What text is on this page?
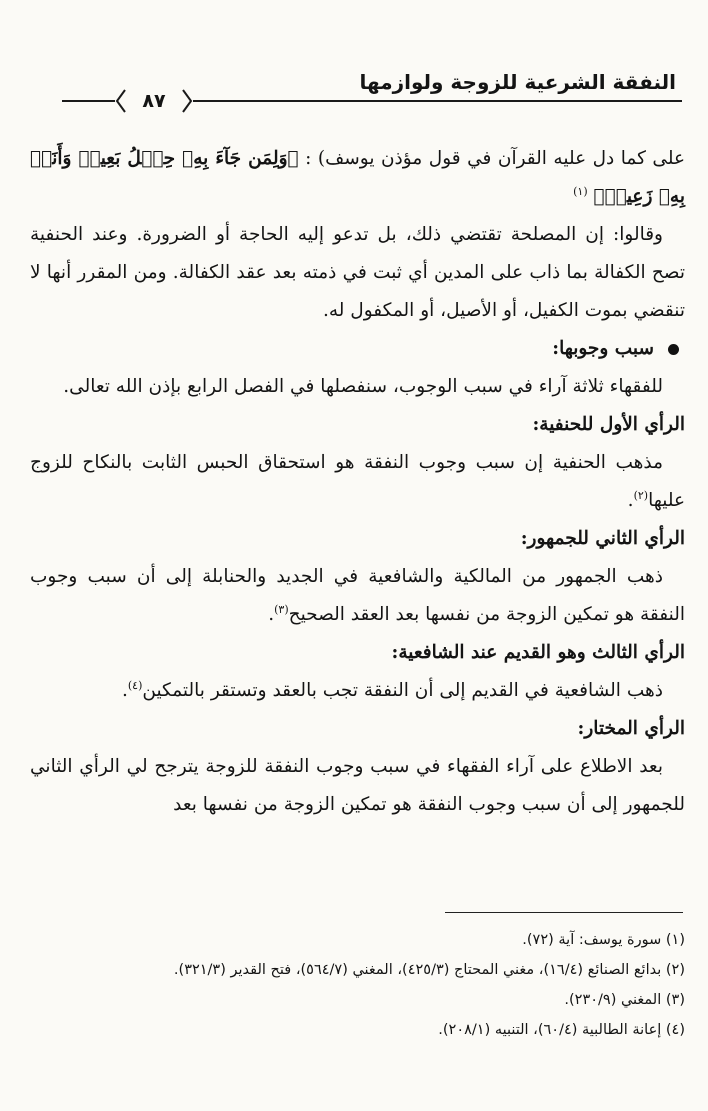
النفقة الشرعية للزوجة ولوازمها
٨٧

على كما دل عليه القرآن في قول مؤذن يوسف) : ﴿وَلِمَن جَآءَ بِهِۦ حِمۡلُ بَعِيرٖ وَأَنَا۠ بِهِۦ زَعِيمٞ﴾ $^{(١)}$

وقالوا: إن المصلحة تقتضي ذلك، بل تدعو إليه الحاجة أو الضرورة. وعند الحنفية تصح الكفالة بما ذاب على المدين أي ثبت في ذمته بعد عقد الكفالة. ومن المقرر أنها لا تنقضي بموت الكفيل، أو الأصيل، أو المكفول له.

سبب وجوبها:

للفقهاء ثلاثة آراء في سبب الوجوب، سنفصلها في الفصل الرابع بإذن الله تعالى.

الرأي الأول للحنفية:

مذهب الحنفية إن سبب وجوب النفقة هو استحقاق الحبس الثابت بالنكاح للزوج عليها$^{(٢)}$.

الرأي الثاني للجمهور:

ذهب الجمهور من المالكية والشافعية في الجديد والحنابلة إلى أن سبب وجوب النفقة هو تمكين الزوجة من نفسها بعد العقد الصحيح$^{(٣)}$.

الرأي الثالث وهو القديم عند الشافعية:

ذهب الشافعية في القديم إلى أن النفقة تجب بالعقد وتستقر بالتمكين$^{(٤)}$.

الرأي المختار:

بعد الاطلاع على آراء الفقهاء في سبب وجوب النفقة للزوجة يترجح لي الرأي الثاني للجمهور إلى أن سبب وجوب النفقة هو تمكين الزوجة من نفسها بعد

(١) سورة يوسف: آية (٧٢).

(٢) بدائع الصنائع (١٦/٤)، مغني المحتاج (٤٢٥/٣)، المغني (٥٦٤/٧)، فتح القدير (٣٢١/٣).

(٣) المغني (٢٣٠/٩).

(٤) إعانة الطالبية (٦٠/٤)، التنبيه (٢٠٨/١).
